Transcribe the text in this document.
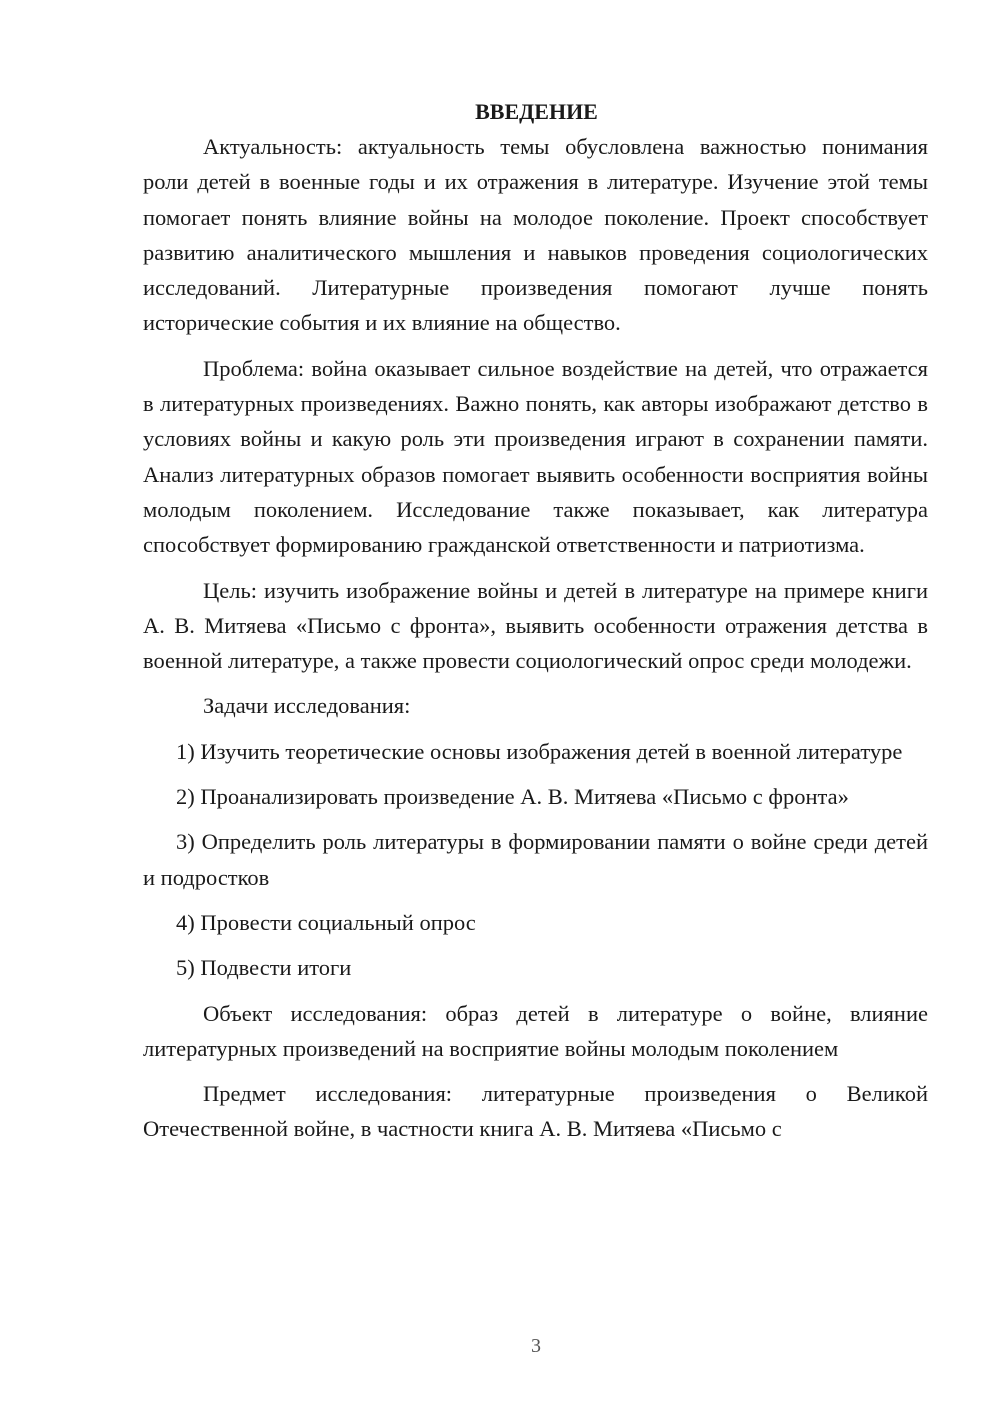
ВВЕДЕНИЕ

Актуальность: актуальность темы обусловлена важностью понимания роли детей в военные годы и их отражения в литературе. Изучение этой темы помогает понять влияние войны на молодое поколение. Проект способствует развитию аналитического мышления и навыков проведения социологических исследований. Литературные произведения помогают лучше понять исторические события и их влияние на общество.

Проблема: война оказывает сильное воздействие на детей, что отражается в литературных произведениях. Важно понять, как авторы изображают детство в условиях войны и какую роль эти произведения играют в сохранении памяти. Анализ литературных образов помогает выявить особенности восприятия войны молодым поколением. Исследование также показывает, как литература способствует формированию гражданской ответственности и патриотизма.

Цель: изучить изображение войны и детей в литературе на примере книги А. В. Митяева «Письмо с фронта», выявить особенности отражения детства в военной литературе, а также провести социологический опрос среди молодежи.

Задачи исследования:

1) Изучить теоретические основы изображения детей в военной литературе

2) Проанализировать произведение А. В. Митяева «Письмо с фронта»

3) Определить роль литературы в формировании памяти о войне среди детей и подростков

4) Провести социальный опрос

5) Подвести итоги

Объект исследования: образ детей в литературе о войне, влияние литературных произведений на восприятие войны молодым поколением

Предмет исследования: литературные произведения о Великой Отечественной войне, в частности книга А. В. Митяева «Письмо с

3
